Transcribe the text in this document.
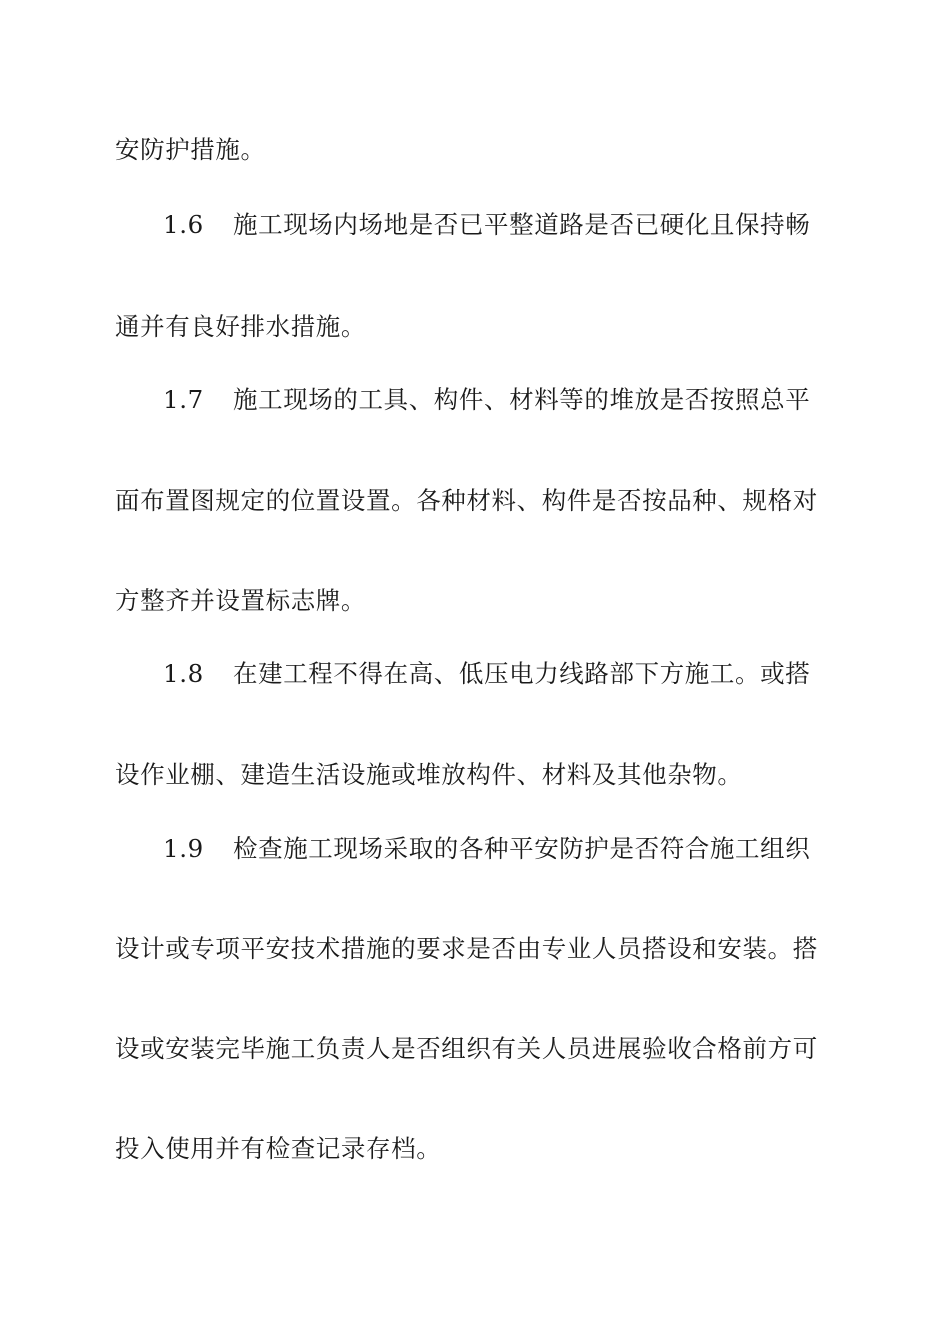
安防护措施。
1.6 施工现场内场地是否已平整道路是否已硬化且保持畅
通并有良好排水措施。
1.7 施工现场的工具、构件、材料等的堆放是否按照总平
面布置图规定的位置设置。各种材料、构件是否按品种、规格对
方整齐并设置标志牌。
1.8 在建工程不得在高、低压电力线路部下方施工。或搭
设作业棚、建造生活设施或堆放构件、材料及其他杂物。
1.9 检查施工现场采取的各种平安防护是否符合施工组织
设计或专项平安技术措施的要求是否由专业人员搭设和安装。搭
设或安装完毕施工负责人是否组织有关人员进展验收合格前方可
投入使用并有检查记录存档。
